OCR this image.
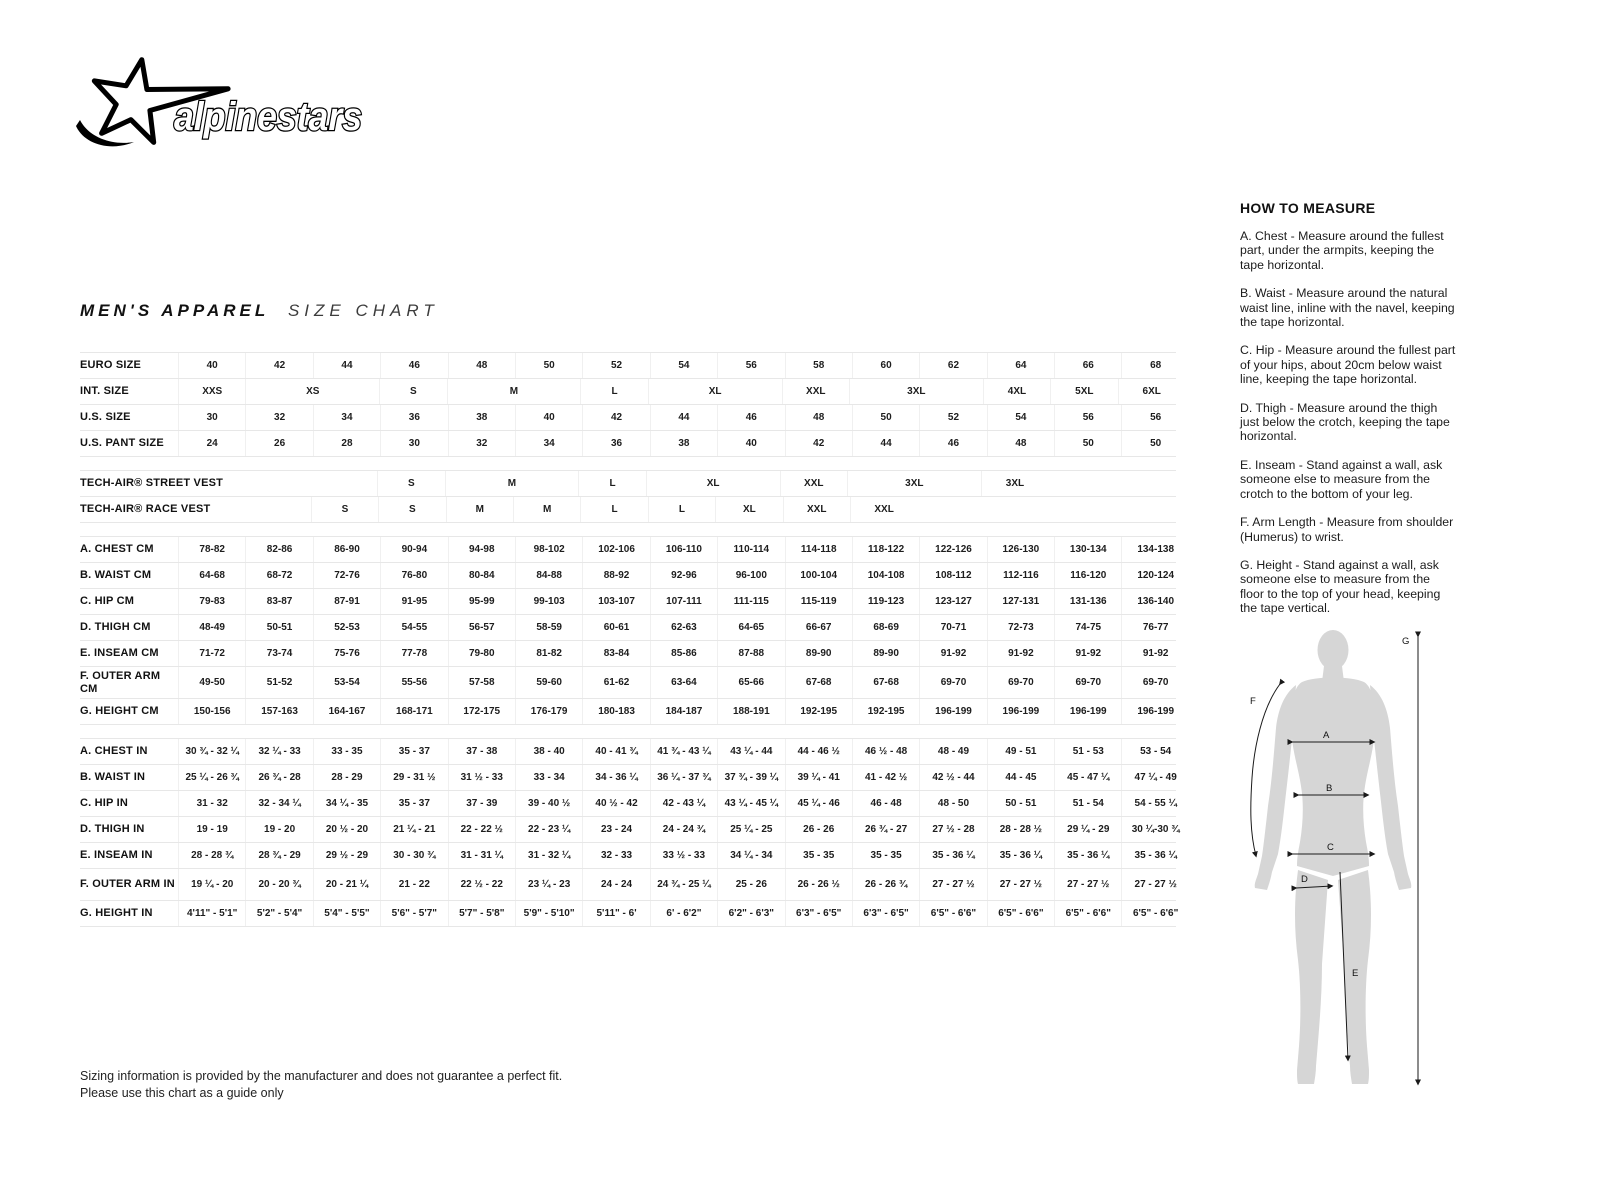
alpinestars
MEN'S APPAREL SIZE CHART
EURO SIZE	40	42	44	46	48	50	52	54	56	58	60	62	64	66	68
INT. SIZE	XXS	XS	S	M	L	XL	XXL	3XL	4XL	5XL	6XL
U.S. SIZE	30	32	34	36	38	40	42	44	46	48	50	52	54	56	56
U.S. PANT SIZE	24	26	28	30	32	34	36	38	40	42	44	46	48	50	50
TECH-AIR® STREET VEST	S	M	L	XL	XXL	3XL	3XL
TECH-AIR® RACE VEST	S	S	M	M	L	L	XL	XXL	XXL
A. CHEST CM	78-82	82-86	86-90	90-94	94-98	98-102	102-106	106-110	110-114	114-118	118-122	122-126	126-130	130-134	134-138
B. WAIST CM	64-68	68-72	72-76	76-80	80-84	84-88	88-92	92-96	96-100	100-104	104-108	108-112	112-116	116-120	120-124
C. HIP CM	79-83	83-87	87-91	91-95	95-99	99-103	103-107	107-111	111-115	115-119	119-123	123-127	127-131	131-136	136-140
D. THIGH CM	48-49	50-51	52-53	54-55	56-57	58-59	60-61	62-63	64-65	66-67	68-69	70-71	72-73	74-75	76-77
E. INSEAM CM	71-72	73-74	75-76	77-78	79-80	81-82	83-84	85-86	87-88	89-90	89-90	91-92	91-92	91-92	91-92
F. OUTER ARM CM	49-50	51-52	53-54	55-56	57-58	59-60	61-62	63-64	65-66	67-68	67-68	69-70	69-70	69-70	69-70
G. HEIGHT CM	150-156	157-163	164-167	168-171	172-175	176-179	180-183	184-187	188-191	192-195	192-195	196-199	196-199	196-199	196-199
A. CHEST IN	30 ¾ - 32 ¼	32 ¼ - 33	33 - 35	35 - 37	37 - 38	38 - 40	40 - 41 ¾	41 ¾ - 43 ¼	43 ¼ - 44	44 - 46 ½	46 ½ - 48	48 - 49	49 - 51	51 - 53	53 - 54
B. WAIST IN	25 ¼ - 26 ¾	26 ¾ - 28	28 - 29	29 - 31 ½	31 ½ - 33	33 - 34	34 - 36 ¼	36 ¼ - 37 ¾	37 ¾ - 39 ¼	39 ¼ - 41	41 - 42 ½	42 ½ - 44	44 - 45	45 - 47 ¼	47 ¼ - 49
C. HIP IN	31 - 32	32 - 34 ¼	34 ¼ - 35	35 - 37	37 - 39	39 - 40 ½	40 ½ - 42	42 - 43 ¼	43 ¼ - 45 ¼	45 ¼ - 46	46 - 48	48 - 50	50 - 51	51 - 54	54 - 55 ¼
D. THIGH IN	19 - 19	19 - 20	20 ½ - 20	21 ¼ - 21	22 - 22 ½	22 - 23 ¼	23 - 24	24 - 24 ¾	25 ¼ - 25	26 - 26	26 ¾ - 27	27 ½ - 28	28 - 28 ½	29 ¼ - 29	30 ¼-30 ¾
E. INSEAM IN	28 - 28 ¾	28 ¾ - 29	29 ½ - 29	30 - 30 ¾	31 - 31 ¼	31 - 32 ¼	32 - 33	33 ½ - 33	34 ¼ - 34	35 - 35	35 - 35	35 - 36 ¼	35 - 36 ¼	35 - 36 ¼	35 - 36 ¼
F. OUTER ARM IN	19 ¼ - 20	20 - 20 ¾	20 - 21 ¼	21 - 22	22 ½ - 22	23 ¼ - 23	24 - 24	24 ¾ - 25 ¼	25 - 26	26 - 26 ½	26 - 26 ¾	27 - 27 ½	27 - 27 ½	27 - 27 ½	27 - 27 ½
G. HEIGHT IN	4'11" - 5'1"	5'2" - 5'4"	5'4" - 5'5"	5'6" - 5'7"	5'7" - 5'8"	5'9" - 5'10"	5'11" - 6'	6' - 6'2"	6'2" - 6'3"	6'3" - 6'5"	6'3" - 6'5"	6'5" - 6'6"	6'5" - 6'6"	6'5" - 6'6"	6'5" - 6'6"
HOW TO MEASURE

A. Chest - Measure around the fullest part, under the armpits, keeping the tape horizontal.

B. Waist - Measure around the natural waist line, inline with the navel, keeping the tape horizontal.

C. Hip - Measure around the fullest part of your hips, about 20cm below waist line, keeping the tape horizontal.

D. Thigh - Measure around the thigh just below the crotch, keeping the tape horizontal.

E. Inseam - Stand against a wall, ask someone else to measure from the crotch to the bottom of your leg.

F. Arm Length - Measure from shoulder (Humerus) to wrist.

G. Height - Stand against a wall, ask someone else to measure from the floor to the top of your head, keeping the tape vertical.

A
B
C
D
E
F
G
Sizing information is provided by the manufacturer and does not guarantee a perfect fit.
Please use this chart as a guide only
